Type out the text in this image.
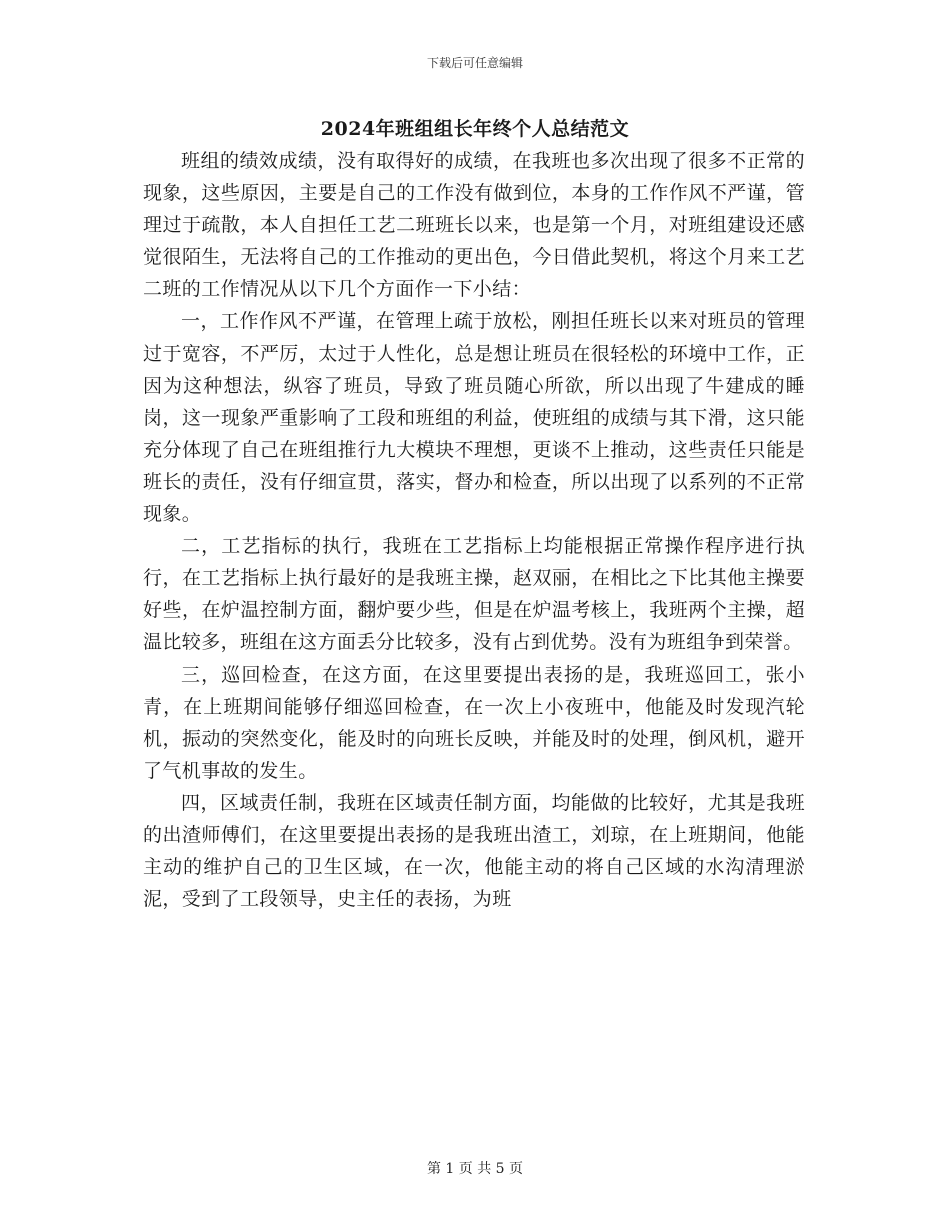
下载后可任意编辑
2024年班组组长年终个人总结范文

班组的绩效成绩，没有取得好的成绩，在我班也多次出现了很多不正常的现象，这些原因，主要是自己的工作没有做到位，本身的工作作风不严谨，管理过于疏散，本人自担任工艺二班班长以来，也是第一个月，对班组建设还感觉很陌生，无法将自己的工作推动的更出色，今日借此契机，将这个月来工艺二班的工作情况从以下几个方面作一下小结：

一，工作作风不严谨，在管理上疏于放松，刚担任班长以来对班员的管理过于宽容，不严厉，太过于人性化，总是想让班员在很轻松的环境中工作，正因为这种想法，纵容了班员，导致了班员随心所欲，所以出现了牛建成的睡岗，这一现象严重影响了工段和班组的利益，使班组的成绩与其下滑，这只能充分体现了自己在班组推行九大模块不理想，更谈不上推动，这些责任只能是班长的责任，没有仔细宣贯，落实，督办和检查，所以出现了以系列的不正常现象。

二，工艺指标的执行，我班在工艺指标上均能根据正常操作程序进行执行，在工艺指标上执行最好的是我班主操，赵双丽，在相比之下比其他主操要好些，在炉温控制方面，翻炉要少些，但是在炉温考核上，我班两个主操，超温比较多，班组在这方面丢分比较多，没有占到优势。没有为班组争到荣誉。

三，巡回检查，在这方面，在这里要提出表扬的是，我班巡回工，张小青，在上班期间能够仔细巡回检查，在一次上小夜班中，他能及时发现汽轮机，振动的突然变化，能及时的向班长反映，并能及时的处理，倒风机，避开了气机事故的发生。

四，区域责任制，我班在区域责任制方面，均能做的比较好，尤其是我班的出渣师傅们，在这里要提出表扬的是我班出渣工，刘琼，在上班期间，他能主动的维护自己的卫生区域，在一次，他能主动的将自己区域的水沟清理淤泥，受到了工段领导，史主任的表扬，为班

第 1 页 共 5 页
